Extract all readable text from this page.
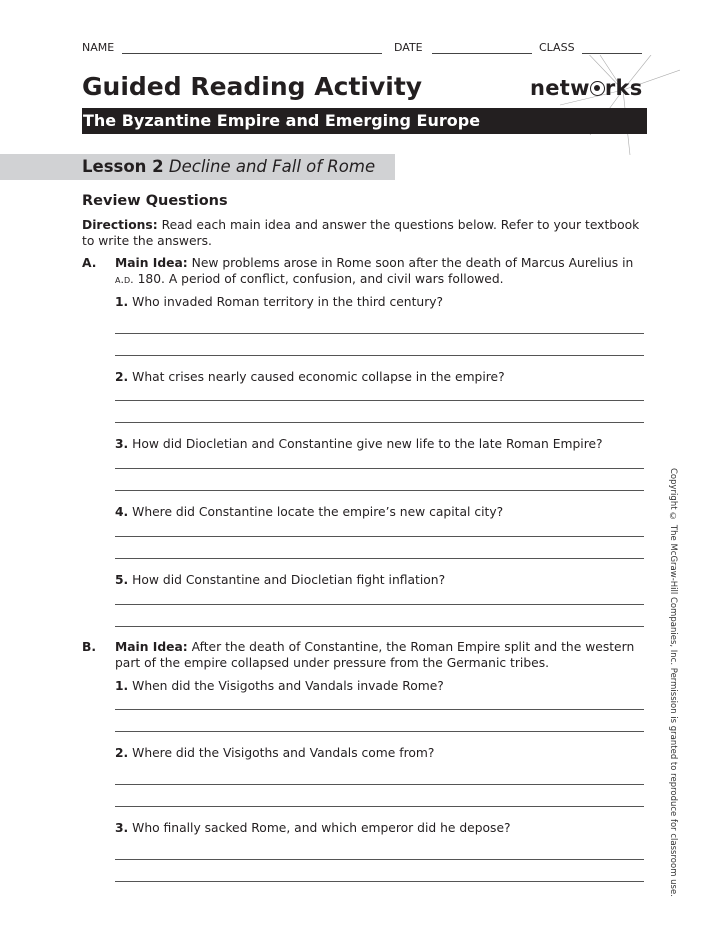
NAME	DATE	CLASS
Guided Reading Activity	netw rks
The Byzantine Empire and Emerging Europe
Lesson 2 Decline and Fall of Rome
Review Questions
Directions: Read each main idea and answer the questions below. Refer to your textbook to write the answers.
A. Main Idea: New problems arose in Rome soon after the death of Marcus Aurelius in a.d. 180. A period of conflict, confusion, and civil wars followed.
1. Who invaded Roman territory in the third century?
2. What crises nearly caused economic collapse in the empire?
3. How did Diocletian and Constantine give new life to the late Roman Empire?
4. Where did Constantine locate the empire’s new capital city?
5. How did Constantine and Diocletian fight inflation?
B. Main Idea: After the death of Constantine, the Roman Empire split and the western part of the empire collapsed under pressure from the Germanic tribes.
1. When did the Visigoths and Vandals invade Rome?
2. Where did the Visigoths and Vandals come from?
3. Who finally sacked Rome, and which emperor did he depose?	Copyright © The McGraw-Hill Companies, Inc. Permission is granted to reproduce for classroom use.
